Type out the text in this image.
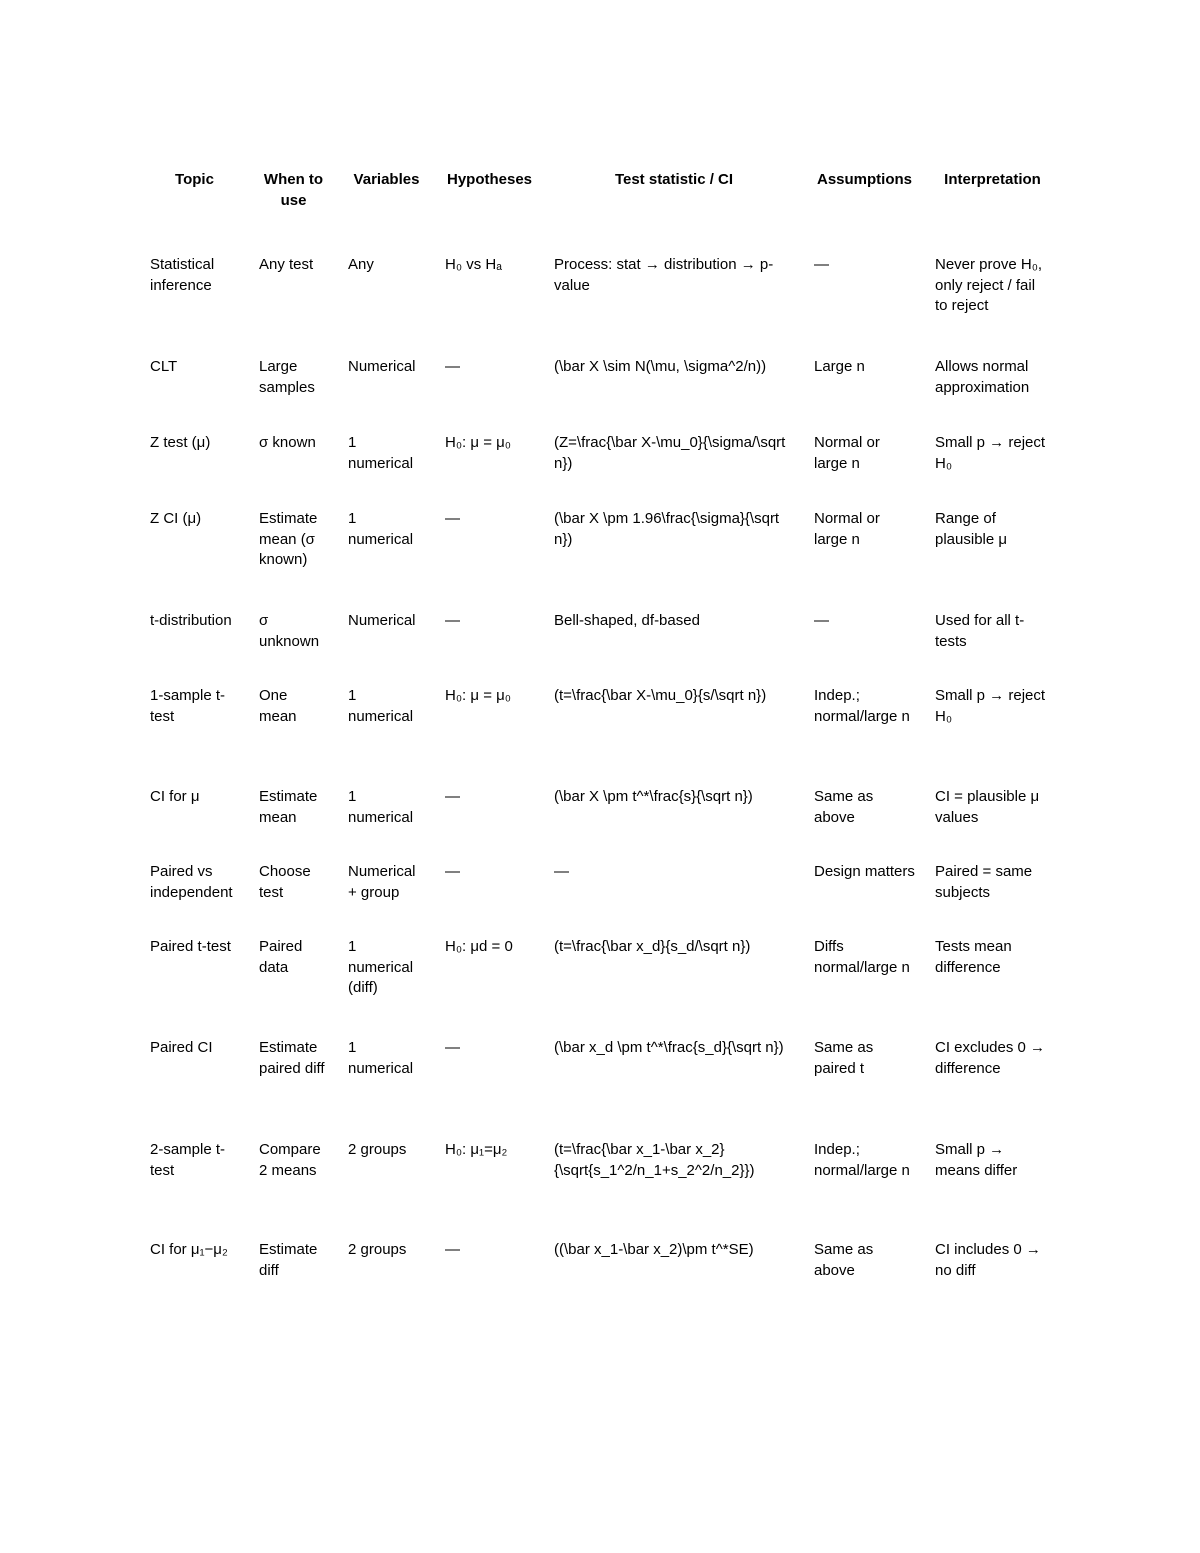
Topic	When to use	Variables	Hypotheses	Test statistic / CI	Assumptions	Interpretation
Statistical inference	Any test	Any	H₀ vs Hₐ	Process: stat → distribution → p-value	—	Never prove H₀, only reject / fail to reject
CLT	Large samples	Numerical	—	(\bar X \sim N(\mu, \sigma^2/n))	Large n	Allows normal approximation
Z test (μ)	σ known	1 numerical	H₀: μ = μ₀	(Z=\frac{\bar X-\mu_0}{\sigma/\sqrt n})	Normal or large n	Small p → reject H₀
Z CI (μ)	Estimate mean (σ known)	1 numerical	—	(\bar X \pm 1.96\frac{\sigma}{\sqrt n})	Normal or large n	Range of plausible μ
t-distribution	σ unknown	Numerical	—	Bell-shaped, df-based	—	Used for all t-tests
1-sample t-test	One mean	1 numerical	H₀: μ = μ₀	(t=\frac{\bar X-\mu_0}{s/\sqrt n})	Indep.; normal/large n	Small p → reject H₀
CI for μ	Estimate mean	1 numerical	—	(\bar X \pm t^*\frac{s}{\sqrt n})	Same as above	CI = plausible μ values
Paired vs independent	Choose test	Numerical + group	—	—	Design matters	Paired = same subjects
Paired t-test	Paired data	1 numerical (diff)	H₀: μd = 0	(t=\frac{\bar x_d}{s_d/\sqrt n})	Diffs normal/large n	Tests mean difference
Paired CI	Estimate paired diff	1 numerical	—	(\bar x_d \pm t^*\frac{s_d}{\sqrt n})	Same as paired t	CI excludes 0 → difference
2-sample t-test	Compare 2 means	2 groups	H₀: μ₁=μ₂	(t=\frac{\bar x_1-\bar x_2}{\sqrt{s_1^2/n_1+s_2^2/n_2}})	Indep.; normal/large n	Small p → means differ
CI for μ₁−μ₂	Estimate diff	2 groups	—	((\bar x_1-\bar x_2)\pm t^*SE)	Same as above	CI includes 0 → no diff
